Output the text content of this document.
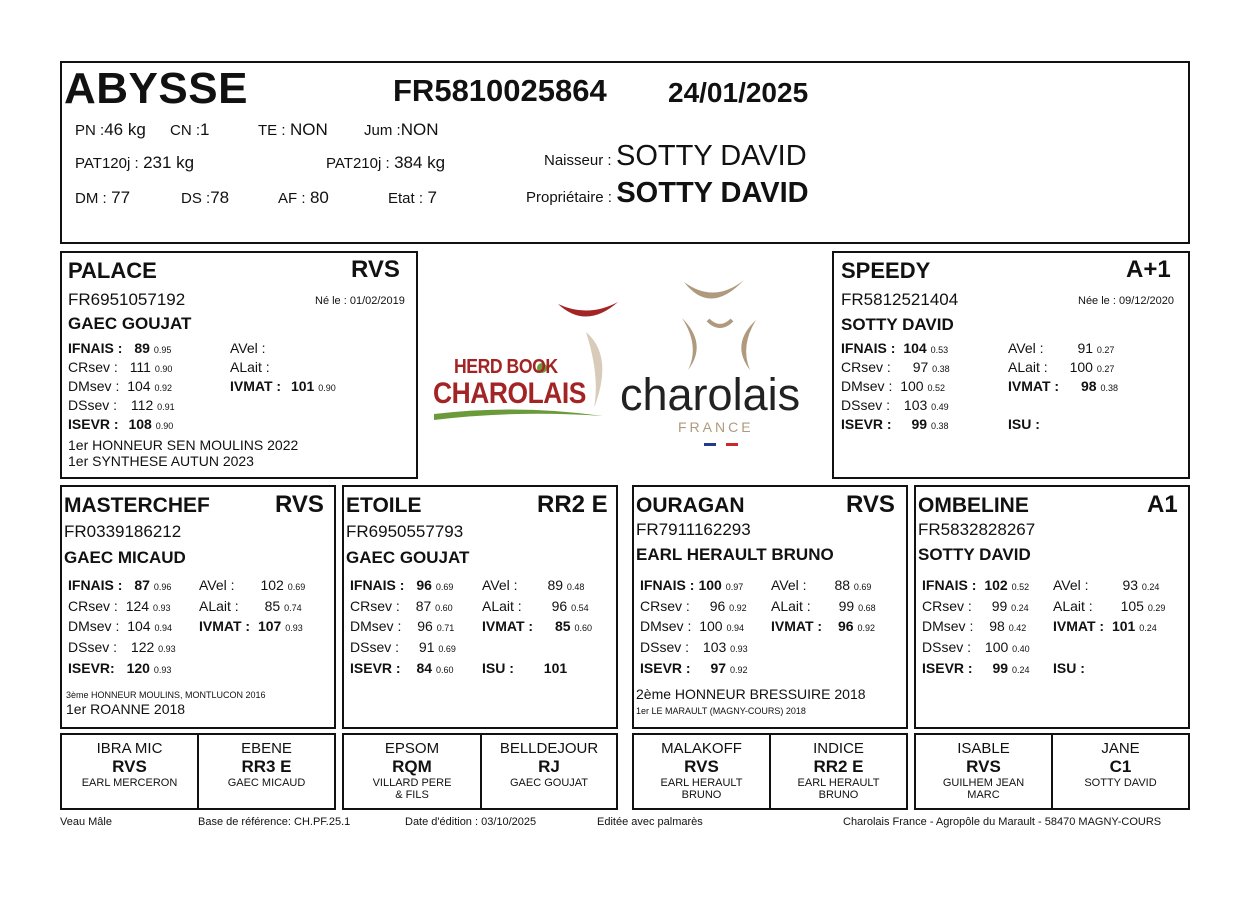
ABYSSE	FR5810025864 24/01/2025
PN :46 kg CN :1	TE : NON Jum :NON
PAT120j : 231 kg	PAT210j : 384 kg
DM : 77	DS :78	AF : 80	Etat : 7
Naisseur : SOTTY DAVID
Propriétaire : SOTTY DAVID
PALACE	RVS
FR6951057192	Né le : 01/02/2019
GAEC GOUJAT
IFNAIS : 89 0.95
CRsev : 111 0.90
DMsev : 104 0.92
DSsev : 112 0.91
ISEVR : 108 0.90
AVel :
ALait :
IVMAT : 101 0.90
1er HONNEUR SEN MOULINS 2022
1er SYNTHESE AUTUN 2023
HERD BOOK
CHAROLAIS charolais
FRANCE
SPEEDY	A+1
FR5812521404	Née le : 09/12/2020
SOTTY DAVID
IFNAIS : 104 0.53
CRsev : 97 0.38
DMsev : 100 0.52
DSsev : 103 0.49
ISEVR : 99 0.38
AVel : 91 0.27
ALait : 100 0.27
IVMAT : 98 0.38
ISU :
MASTERCHEF	RVS
FR0339186212
GAEC MICAUD
IFNAIS : 87 0.96
CRsev : 124 0.93
DMsev : 104 0.94
DSsev : 122 0.93
ISEVR: 120 0.93
AVel : 102 0.69
ALait : 85 0.74
IVMAT : 107 0.93
3ème HONNEUR MOULINS, MONTLUCON 2016
1er ROANNE 2018
ETOILE	RR2 E
FR6950557793
GAEC GOUJAT
IFNAIS : 96 0.69
CRsev : 87 0.60
DMsev : 96 0.71
DSsev : 91 0.69
ISEVR : 84 0.60
AVel : 89 0.48
ALait : 96 0.54
IVMAT : 85 0.60
ISU : 101
OURAGAN	RVS
FR7911162293
EARL HERAULT BRUNO
IFNAIS : 100 0.97
CRsev : 96 0.92
DMsev : 100 0.94
DSsev : 103 0.93
ISEVR : 97 0.92
AVel : 88 0.69
ALait : 99 0.68
IVMAT : 96 0.92
2ème HONNEUR BRESSUIRE 2018
1er LE MARAULT (MAGNY-COURS) 2018
OMBELINE	A1
FR5832828267
SOTTY DAVID
IFNAIS : 102 0.52
CRsev : 99 0.24
DMsev : 98 0.42
DSsev : 100 0.40
ISEVR : 99 0.24
AVel : 93 0.24
ALait : 105 0.29
IVMAT : 101 0.24
ISU :
IBRA MIC
RVS
EARL MERCERON
EBENE
RR3 E
GAEC MICAUD
EPSOM
RQM
VILLARD PERE & FILS
BELLDEJOUR
RJ
GAEC GOUJAT
MALAKOFF
RVS
EARL HERAULT BRUNO
INDICE
RR2 E
EARL HERAULT BRUNO
ISABLE
RVS
GUILHEM JEAN MARC
JANE
C1
SOTTY DAVID
Veau Mâle	Base de référence: CH.PF.25.1	Date d'édition : 03/10/2025	Editée avec palmarès	Charolais France - Agropôle du Marault - 58470 MAGNY-COURS
